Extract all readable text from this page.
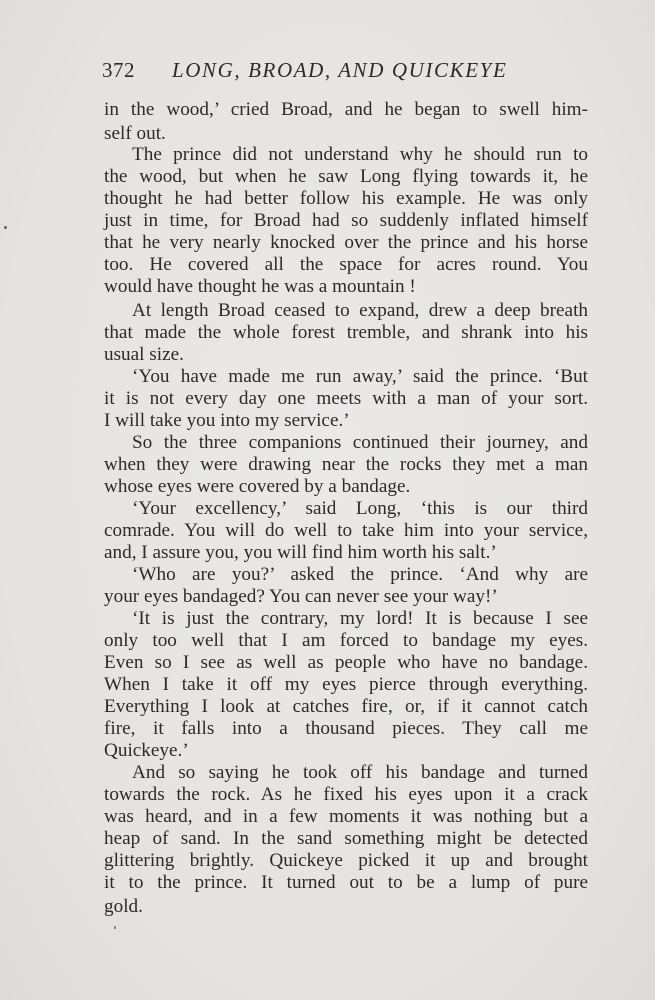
372 LONG, BROAD, AND QUICKEYE
in the wood,’ cried Broad, and he began to swell him-
self out.
The prince did not understand why he should run to
the wood, but when he saw Long flying towards it, he
thought he had better follow his example. He was only
just in time, for Broad had so suddenly inflated himself
that he very nearly knocked over the prince and his horse
too. He covered all the space for acres round. You
would have thought he was a mountain !
At length Broad ceased to expand, drew a deep breath
that made the whole forest tremble, and shrank into his
usual size.
‘You have made me run away,’ said the prince. ‘But
it is not every day one meets with a man of your sort.
I will take you into my service.’
So the three companions continued their journey, and
when they were drawing near the rocks they met a man
whose eyes were covered by a bandage.
‘Your excellency,’ said Long, ‘this is our third
comrade. You will do well to take him into your service,
and, I assure you, you will find him worth his salt.’
‘Who are you?’ asked the prince. ‘And why are
your eyes bandaged? You can never see your way!’
‘It is just the contrary, my lord! It is because I see
only too well that I am forced to bandage my eyes.
Even so I see as well as people who have no bandage.
When I take it off my eyes pierce through everything.
Everything I look at catches fire, or, if it cannot catch
fire, it falls into a thousand pieces. They call me
Quickeye.’
And so saying he took off his bandage and turned
towards the rock. As he fixed his eyes upon it a crack
was heard, and in a few moments it was nothing but a
heap of sand. In the sand something might be detected
glittering brightly. Quickeye picked it up and brought
it to the prince. It turned out to be a lump of pure
gold.
